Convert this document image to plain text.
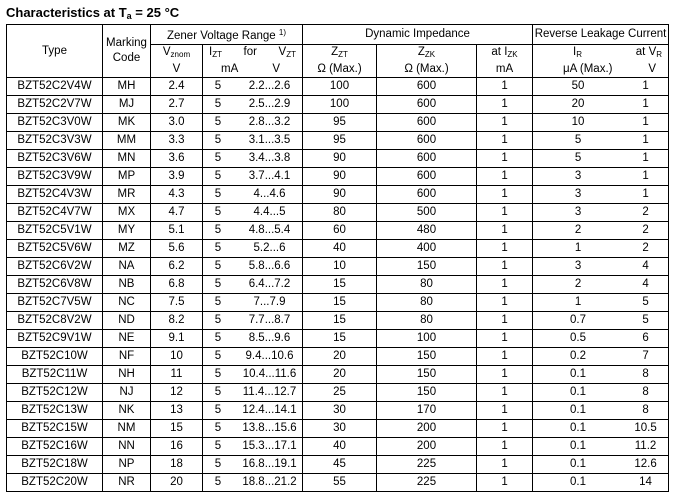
Characteristics at $T_a = 25$ °C
Type	Marking
Code	Zener Voltage Range $^{1)}$		Dynamic Impedance			Reverse Leakage Current
		$V_{znom}$	IZT for VZT	$Z_{ZT}$	$Z_{ZK}$	at $I_{ZK}$	IR at VR

		V	mA V	Ω (Max.)	Ω (Max.)	mA	μA (Max.) V

BZT52C2V4W	MH	2.4	5 2.2...2.6	100	600	1	50 1

BZT52C2V7W	MJ	2.7	5 2.5...2.9	100	600	1	20 1

BZT52C3V0W	MK	3.0	5 2.8...3.2	95	600	1	10 1

BZT52C3V3W	MM	3.3	5 3.1...3.5	95	600	1	5 1

BZT52C3V6W	MN	3.6	5 3.4...3.8	90	600	1	5 1

BZT52C3V9W	MP	3.9	5 3.7...4.1	90	600	1	3 1

BZT52C4V3W	MR	4.3	5 4...4.6	90	600	1	3 1

BZT52C4V7W	MX	4.7	5 4.4...5	80	500	1	3 2

BZT52C5V1W	MY	5.1	5 4.8...5.4	60	480	1	2 2

BZT52C5V6W	MZ	5.6	5 5.2...6	40	400	1	1 2

BZT52C6V2W	NA	6.2	5 5.8...6.6	10	150	1	3 4

BZT52C6V8W	NB	6.8	5 6.4...7.2	15	80	1	2 4

BZT52C7V5W	NC	7.5	5 7...7.9	15	80	1	1 5

BZT52C8V2W	ND	8.2	5 7.7...8.7	15	80	1	0.7 5

BZT52C9V1W	NE	9.1	5 8.5...9.6	15	100	1	0.5 6

BZT52C10W	NF	10	5 9.4...10.6	20	150	1	0.2 7

BZT52C11W	NH	11	5 10.4...11.6	20	150	1	0.1 8

BZT52C12W	NJ	12	5 11.4...12.7	25	150	1	0.1 8

BZT52C13W	NK	13	5 12.4...14.1	30	170	1	0.1 8

BZT52C15W	NM	15	5 13.8...15.6	30	200	1	0.1 10.5

BZT52C16W	NN	16	5 15.3...17.1	40	200	1	0.1 11.2

BZT52C18W	NP	18	5 16.8...19.1	45	225	1	0.1 12.6

BZT52C20W	NR	20	5 18.8...21.2	55	225	1	0.1 14
